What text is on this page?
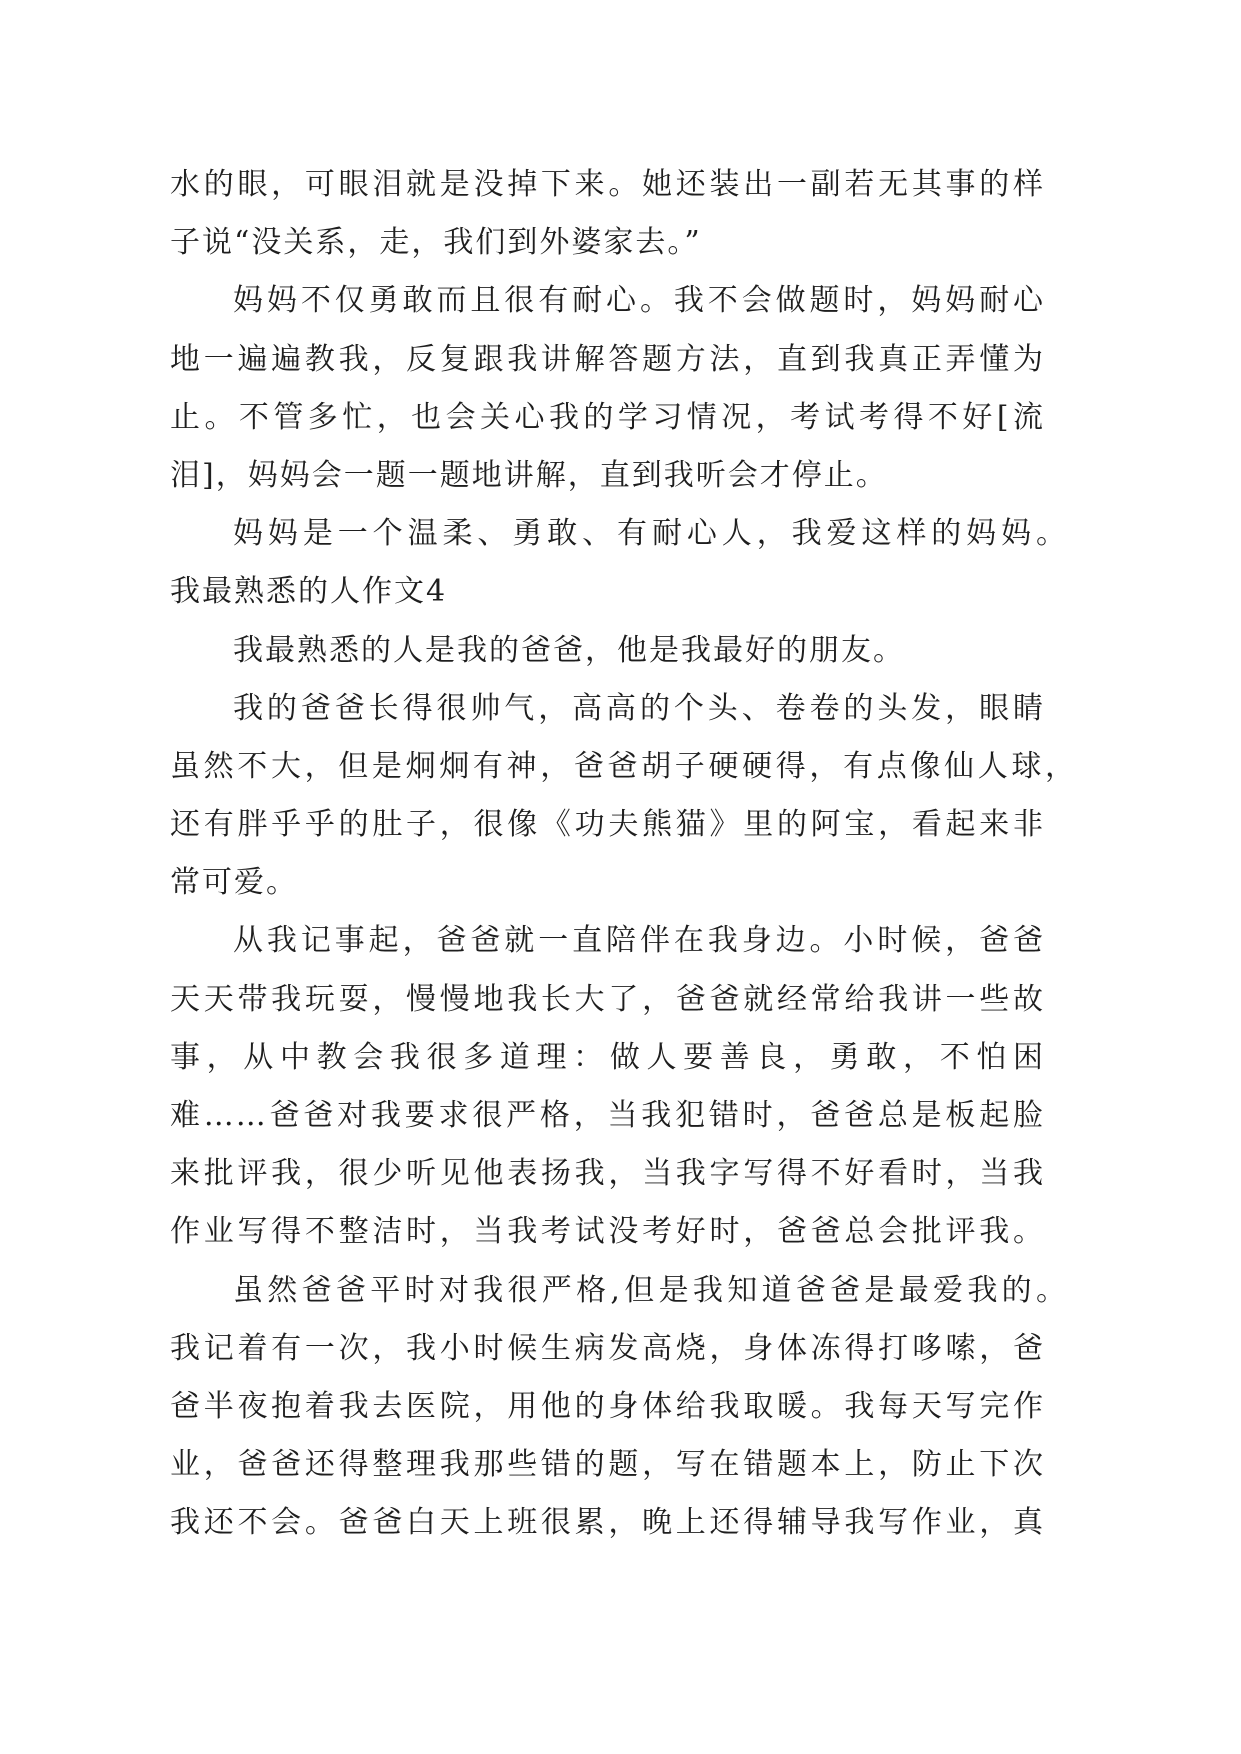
水的眼，可眼泪就是没掉下来。她还装出一副若无其事的样
子说“没关系，走，我们到外婆家去。”
妈妈不仅勇敢而且很有耐心。我不会做题时，妈妈耐心
地一遍遍教我，反复跟我讲解答题方法，直到我真正弄懂为
止。不管多忙，也会关心我的学习情况，考试考得不好[流
泪]，妈妈会一题一题地讲解，直到我听会才停止。
妈妈是一个温柔、勇敢、有耐心人，我爱这样的妈妈。
我最熟悉的人作文4
我最熟悉的人是我的爸爸，他是我最好的朋友。
我的爸爸长得很帅气，高高的个头、卷卷的头发，眼睛
虽然不大，但是炯炯有神，爸爸胡子硬硬得，有点像仙人球，
还有胖乎乎的肚子，很像《功夫熊猫》里的阿宝，看起来非
常可爱。
从我记事起，爸爸就一直陪伴在我身边。小时候，爸爸
天天带我玩耍，慢慢地我长大了，爸爸就经常给我讲一些故
事，从中教会我很多道理：做人要善良，勇敢，不怕困
难……爸爸对我要求很严格，当我犯错时，爸爸总是板起脸
来批评我，很少听见他表扬我，当我字写得不好看时，当我
作业写得不整洁时，当我考试没考好时，爸爸总会批评我。
虽然爸爸平时对我很严格,但是我知道爸爸是最爱我的。
我记着有一次，我小时候生病发高烧，身体冻得打哆嗦，爸
爸半夜抱着我去医院，用他的身体给我取暖。我每天写完作
业，爸爸还得整理我那些错的题，写在错题本上，防止下次
我还不会。爸爸白天上班很累，晚上还得辅导我写作业，真
